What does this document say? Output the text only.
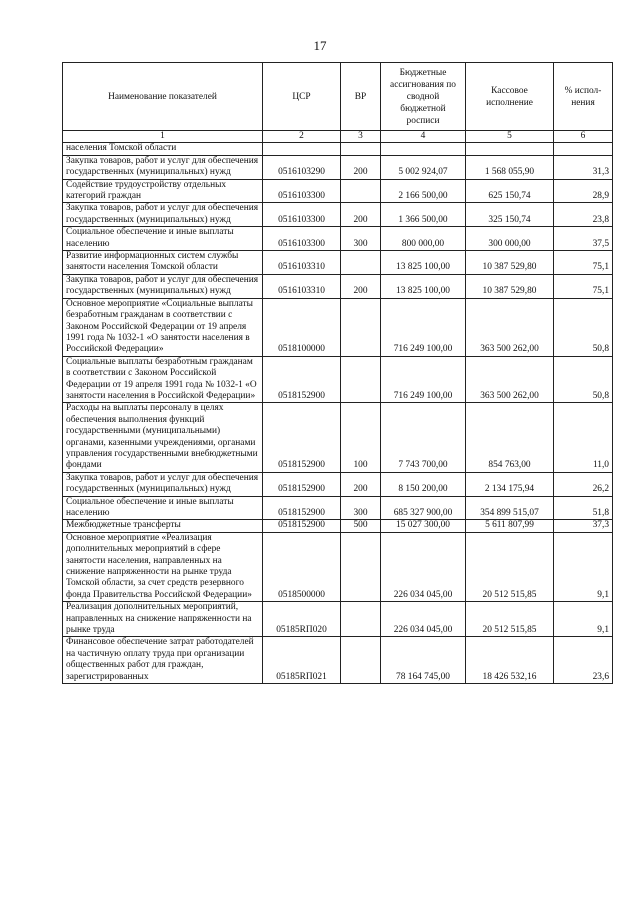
17
Наименование показателей	ЦСР	ВР	Бюджетные ассигнования по сводной бюджетной росписи	Кассовое исполнение	% испол-нения
1	2	3	4	5	6
населения Томской области					
Закупка товаров, работ и услуг для обеспечения государственных (муниципальных) нужд	0516103290	200	5 002 924,07	1 568 055,90	31,3
Содействие трудоустройству отдельных категорий граждан	0516103300		2 166 500,00	625 150,74	28,9
Закупка товаров, работ и услуг для обеспечения государственных (муниципальных) нужд	0516103300	200	1 366 500,00	325 150,74	23,8
Социальное обеспечение и иные выплаты населению	0516103300	300	800 000,00	300 000,00	37,5
Развитие информационных систем службы занятости населения Томской области	0516103310		13 825 100,00	10 387 529,80	75,1
Закупка товаров, работ и услуг для обеспечения государственных (муниципальных) нужд	0516103310	200	13 825 100,00	10 387 529,80	75,1
Основное мероприятие «Социальные выплаты безработным гражданам в соответствии с Законом Российской Федерации от 19 апреля 1991 года № 1032-1 «О занятости населения в Российской Федерации»	0518100000		716 249 100,00	363 500 262,00	50,8
Социальные выплаты безработным гражданам в соответствии с Законом Российской Федерации от 19 апреля 1991 года № 1032-1 «О занятости населения в Российской Федерации»	0518152900		716 249 100,00	363 500 262,00	50,8
Расходы на выплаты персоналу в целях обеспечения выполнения функций государственными (муниципальными) органами, казенными учреждениями, органами управления государственными внебюджетными фондами	0518152900	100	7 743 700,00	854 763,00	11,0
Закупка товаров, работ и услуг для обеспечения государственных (муниципальных) нужд	0518152900	200	8 150 200,00	2 134 175,94	26,2
Социальное обеспечение и иные выплаты населению	0518152900	300	685 327 900,00	354 899 515,07	51,8
Межбюджетные трансферты	0518152900	500	15 027 300,00	5 611 807,99	37,3
Основное мероприятие «Реализация дополнительных мероприятий в сфере занятости населения, направленных на снижение напряженности на рынке труда Томской области, за счет средств резервного фонда Правительства Российской Федерации»	0518500000		226 034 045,00	20 512 515,85	9,1
Реализация дополнительных мероприятий, направленных на снижение напряженности на рынке труда	05185RП020		226 034 045,00	20 512 515,85	9,1
Финансовое обеспечение затрат работодателей на частичную оплату труда при организации общественных работ для граждан, зарегистрированных	05185RП021		78 164 745,00	18 426 532,16	23,6
